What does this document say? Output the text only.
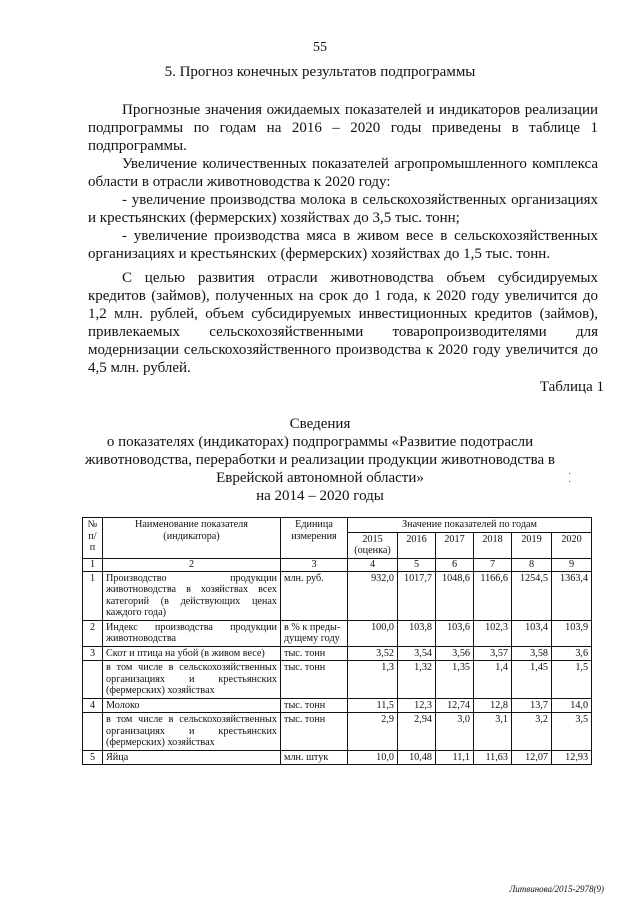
55
5. Прогноз конечных результатов подпрограммы

Прогнозные значения ожидаемых показателей и индикаторов реализации подпрограммы по годам на 2016 – 2020 годы приведены в таблице 1 подпрограммы.

Увеличение количественных показателей агропромышленного комплекса области в отрасли животноводства к 2020 году:

- увеличение производства молока в сельскохозяйственных организациях и крестьянских (фермерских) хозяйствах до 3,5 тыс. тонн;

- увеличение производства мяса в живом весе в сельскохозяйственных организациях и крестьянских (фермерских) хозяйствах до 1,5 тыс. тонн.

С целью развития отрасли животноводства объем субсидируемых кредитов (займов), полученных на срок до 1 года, к 2020 году увеличится до 1,2 млн. рублей, объем субсидируемых инвестиционных кредитов (займов), привлекаемых сельскохозяйственными товаропроизводителями для модернизации сельскохозяйственного производства к 2020 году увеличится до 4,5 млн. рублей.

Таблица 1
Сведения
о показателях (индикаторах) подпрограммы «Развитие подотрасли
животноводства, переработки и реализации продукции животноводства в
Еврейской автономной области»
на 2014 – 2020 годы
·
·
№ п/п	Наименование показателя (индикатора)	Единица измерения	Значение показателей по годам					
			2015 (оценка)	2016	2017	2018	2019	2020
1	2	3	4	5	6	7	8	9
1	Производство продукции животноводства в хозяйствах всех категорий (в действующих ценах каждого года)	млн. руб.	932,0	1017,7	1048,6	1166,6	1254,5	1363,4
2	Индекс производства продукции животноводства	в % к преды-дущему году	100,0	103,8	103,6	102,3	103,4	103,9
3	Скот и птица на убой (в живом весе)	тыс. тонн	3,52	3,54	3,56	3,57	3,58	3,6
	в том числе в сельскохозяйственных организациях и крестьянских (фермерских) хозяйствах	тыс. тонн	1,3	1,32	1,35	1,4	1,45	1,5
4	Молоко	тыс. тонн	11,5	12,3	12,74	12,8	13,7	14,0
	в том числе в сельскохозяйственных организациях и крестьянских (фермерских) хозяйствах	тыс. тонн	2,9	2,94	3,0	3,1	3,2	3,5
5	Яйца	млн. штук	10,0	10,48	11,1	11,63	12,07	12,93
Литвинова/2015-2978(9)
